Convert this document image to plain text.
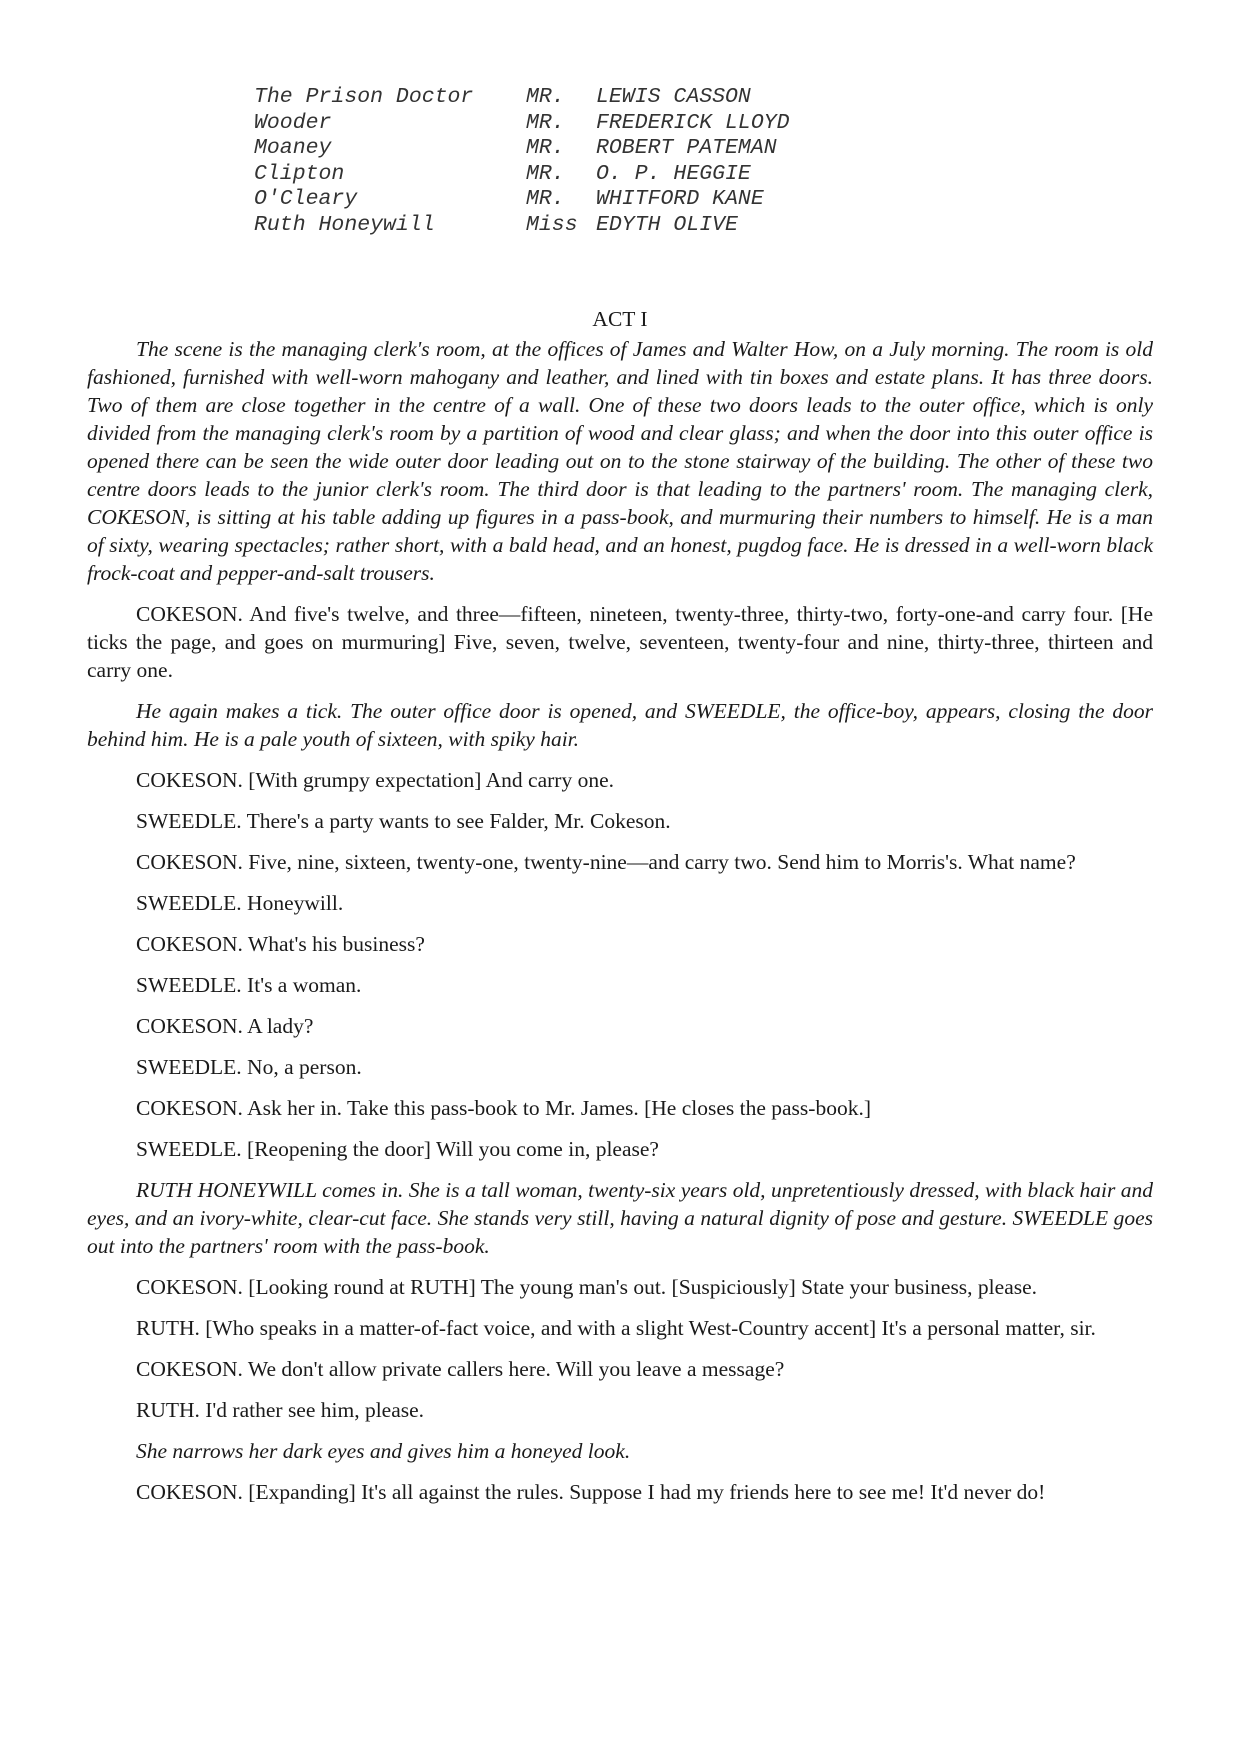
The Prison Doctor	MR.	LEWIS CASSON
Wooder	MR.	FREDERICK LLOYD
Moaney	MR.	ROBERT PATEMAN
Clipton	MR.	O. P. HEGGIE
O'Cleary	MR.	WHITFORD KANE
Ruth Honeywill	Miss EDYTH OLIVE
ACT I

The scene is the managing clerk's room, at the offices of James and Walter How, on a July morning. The room is old fashioned, furnished with well-worn mahogany and leather, and lined with tin boxes and estate plans. It has three doors. Two of them are close together in the centre of a wall. One of these two doors leads to the outer office, which is only divided from the managing clerk's room by a partition of wood and clear glass; and when the door into this outer office is opened there can be seen the wide outer door leading out on to the stone stairway of the building. The other of these two centre doors leads to the junior clerk's room. The third door is that leading to the partners' room. The managing clerk, COKESON, is sitting at his table adding up figures in a pass-book, and murmuring their numbers to himself. He is a man of sixty, wearing spectacles; rather short, with a bald head, and an honest, pugdog face. He is dressed in a well-worn black frock-coat and pepper-and-salt trousers.

COKESON. And five's twelve, and three—fifteen, nineteen, twenty-three, thirty-two, forty-one-and carry four. [He ticks the page, and goes on murmuring] Five, seven, twelve, seventeen, twenty-four and nine, thirty-three, thirteen and carry one.

He again makes a tick. The outer office door is opened, and SWEEDLE, the office-boy, appears, closing the door behind him. He is a pale youth of sixteen, with spiky hair.

COKESON. [With grumpy expectation] And carry one.

SWEEDLE. There's a party wants to see Falder, Mr. Cokeson.

COKESON. Five, nine, sixteen, twenty-one, twenty-nine—and carry two. Send him to Morris's. What name?

SWEEDLE. Honeywill.

COKESON. What's his business?

SWEEDLE. It's a woman.

COKESON. A lady?

SWEEDLE. No, a person.

COKESON. Ask her in. Take this pass-book to Mr. James. [He closes the pass-book.]

SWEEDLE. [Reopening the door] Will you come in, please?

RUTH HONEYWILL comes in. She is a tall woman, twenty-six years old, unpretentiously dressed, with black hair and eyes, and an ivory-white, clear-cut face. She stands very still, having a natural dignity of pose and gesture. SWEEDLE goes out into the partners' room with the pass-book.

COKESON. [Looking round at RUTH] The young man's out. [Suspiciously] State your business, please.

RUTH. [Who speaks in a matter-of-fact voice, and with a slight West-Country accent] It's a personal matter, sir.

COKESON. We don't allow private callers here. Will you leave a message?

RUTH. I'd rather see him, please.

She narrows her dark eyes and gives him a honeyed look.

COKESON. [Expanding] It's all against the rules. Suppose I had my friends here to see me! It'd never do!
